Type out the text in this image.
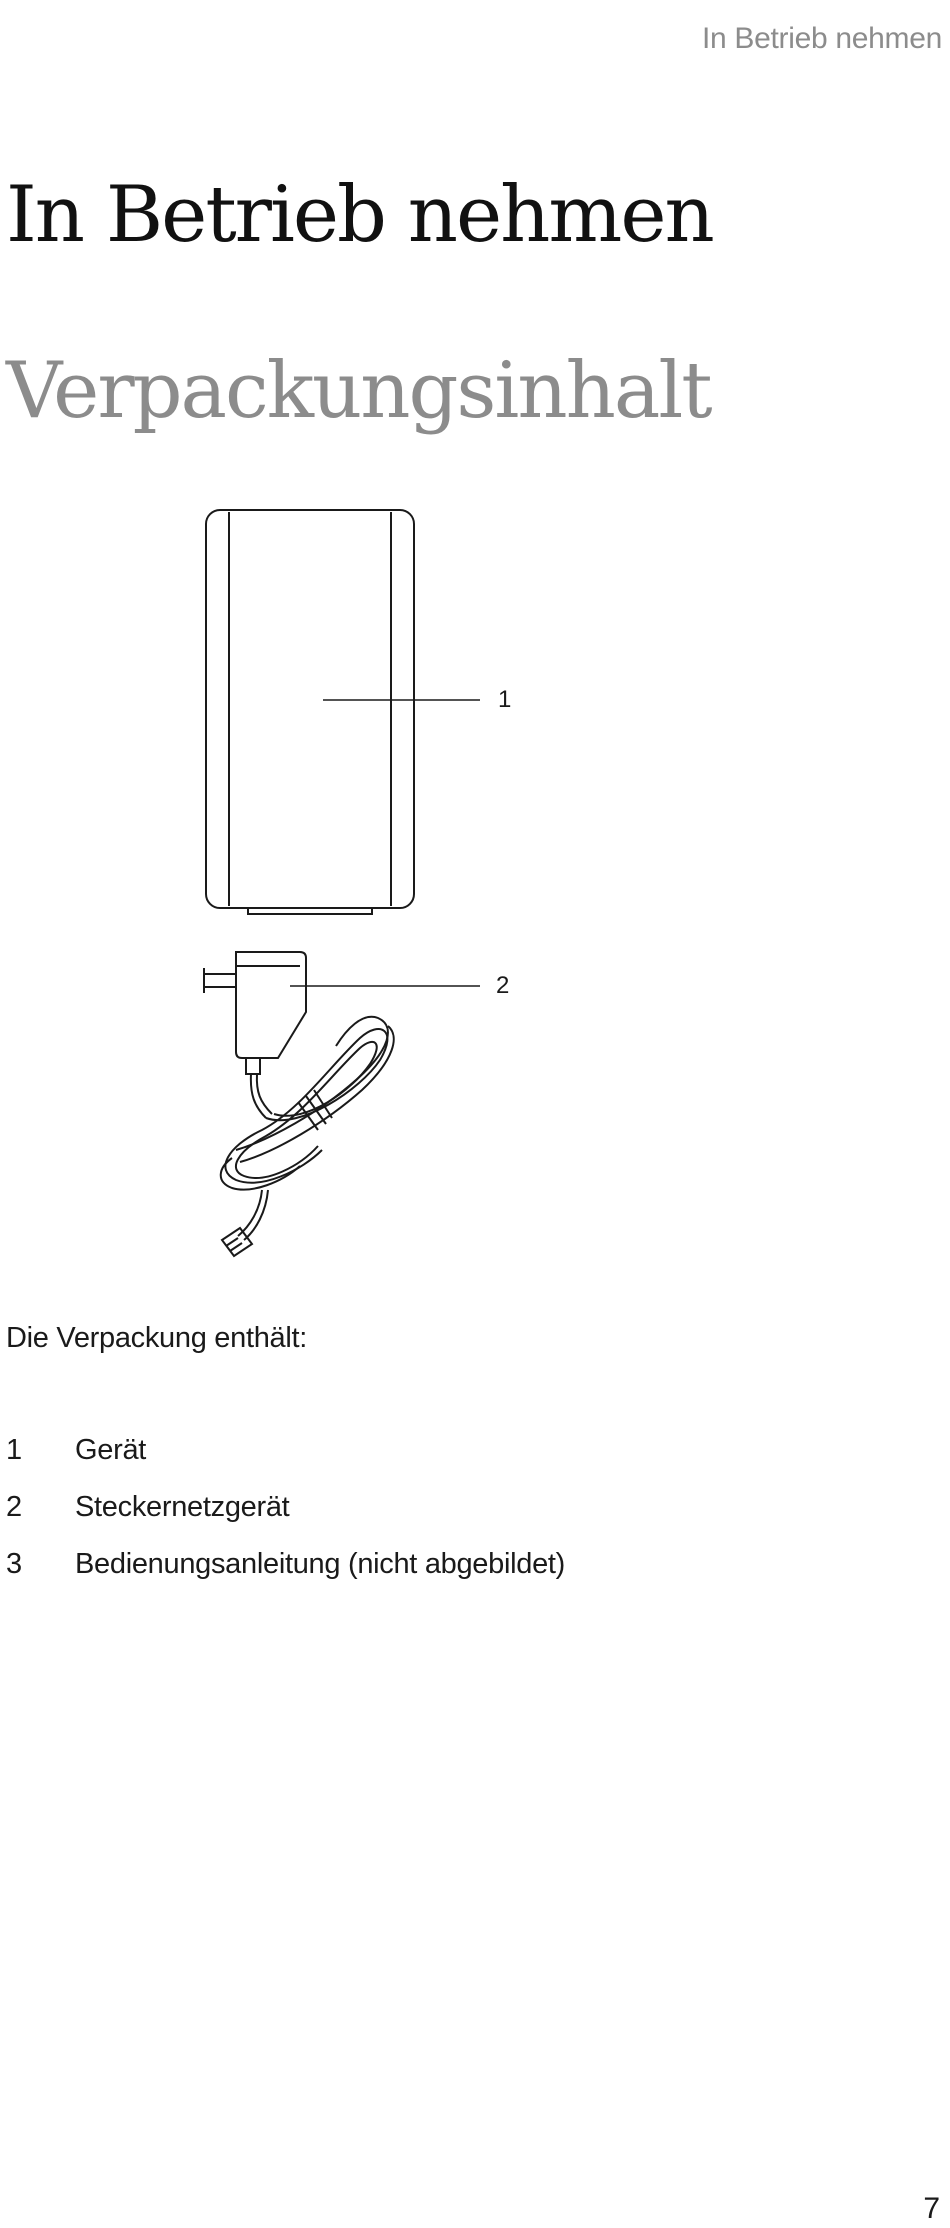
In Betrieb nehmen
In Betrieb nehmen
Verpackungsinhalt
1
2

Die Verpackung enthält:

1 Gerät
2 Steckernetzgerät
3 Bedienungsanleitung (nicht abgebildet)
7
